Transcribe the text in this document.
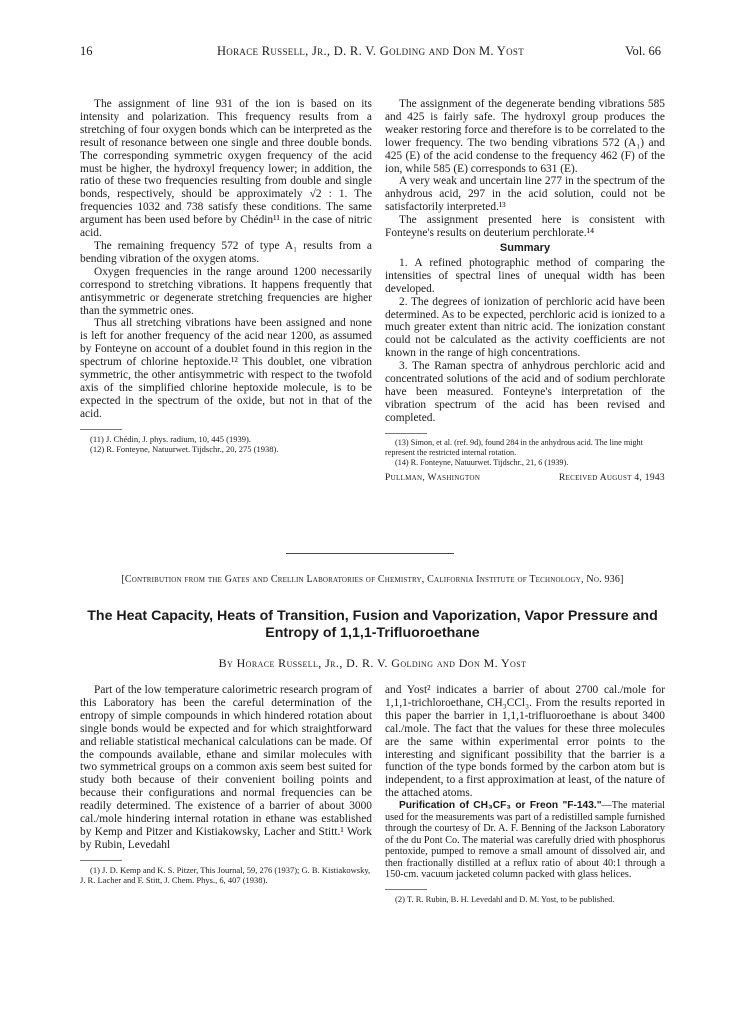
16	Horace Russell, Jr., D. R. V. Golding and Don M. Yost	Vol. 66

The assignment of line 931 of the ion is based on its intensity and polarization. This frequency results from a stretching of four oxygen bonds which can be interpreted as the result of resonance between one single and three double bonds. The corresponding symmetric oxygen frequency of the acid must be higher, the hydroxyl frequency lower; in addition, the ratio of these two frequencies resulting from double and single bonds, respectively, should be approximately √2 : 1. The frequencies 1032 and 738 satisfy these conditions. The same argument has been used before by Chédin¹¹ in the case of nitric acid.

The remaining frequency 572 of type A₁ results from a bending vibration of the oxygen atoms.

Oxygen frequencies in the range around 1200 necessarily correspond to stretching vibrations. It happens frequently that antisymmetric or degenerate stretching frequencies are higher than the symmetric ones.

Thus all stretching vibrations have been assigned and none is left for another frequency of the acid near 1200, as assumed by Fonteyne on account of a doublet found in this region in the spectrum of chlorine heptoxide.¹² This doublet, one vibration symmetric, the other antisymmetric with respect to the twofold axis of the simplified chlorine heptoxide molecule, is to be expected in the spectrum of the oxide, but not in that of the acid.

(11) J. Chédin, J. phys. radium, 10, 445 (1939).

(12) R. Fonteyne, Natuurwet. Tijdschr., 20, 275 (1938).

The assignment of the degenerate bending vibrations 585 and 425 is fairly safe. The hydroxyl group produces the weaker restoring force and therefore is to be correlated to the lower frequency. The two bending vibrations 572 (A₁) and 425 (E) of the acid condense to the frequency 462 (F) of the ion, while 585 (E) corresponds to 631 (E).

A very weak and uncertain line 277 in the spectrum of the anhydrous acid, 297 in the acid solution, could not be satisfactorily interpreted.¹³

The assignment presented here is consistent with Fonteyne's results on deuterium perchlorate.¹⁴

Summary

1. A refined photographic method of comparing the intensities of spectral lines of unequal width has been developed.

2. The degrees of ionization of perchloric acid have been determined. As to be expected, perchloric acid is ionized to a much greater extent than nitric acid. The ionization constant could not be calculated as the activity coefficients are not known in the range of high concentrations.

3. The Raman spectra of anhydrous perchloric acid and concentrated solutions of the acid and of sodium perchlorate have been measured. Fonteyne's interpretation of the vibration spectrum of the acid has been revised and completed.

(13) Simon, et al. (ref. 9d), found 284 in the anhydrous acid. The line might represent the restricted internal rotation.

(14) R. Fonteyne, Natuurwet. Tijdschr., 21, 6 (1939).

Pullman, Washington	Received August 4, 1943
[Contribution from the Gates and Crellin Laboratories of Chemistry, California Institute of Technology, No. 936]
The Heat Capacity, Heats of Transition, Fusion and Vaporization, Vapor Pressure and Entropy of 1,1,1-Trifluoroethane
By Horace Russell, Jr., D. R. V. Golding and Don M. Yost

Part of the low temperature calorimetric research program of this Laboratory has been the careful determination of the entropy of simple compounds in which hindered rotation about single bonds would be expected and for which straightforward and reliable statistical mechanical calculations can be made. Of the compounds available, ethane and similar molecules with two symmetrical groups on a common axis seem best suited for study both because of their convenient boiling points and because their configurations and normal frequencies can be readily determined. The existence of a barrier of about 3000 cal./mole hindering internal rotation in ethane was established by Kemp and Pitzer and Kistiakowsky, Lacher and Stitt.¹ Work by Rubin, Levedahl

(1) J. D. Kemp and K. S. Pitzer, This Journal, 59, 276 (1937); G. B. Kistiakowsky, J. R. Lacher and F. Stitt, J. Chem. Phys., 6, 407 (1938).

and Yost² indicates a barrier of about 2700 cal./mole for 1,1,1-trichloroethane, CH₃CCl₃. From the results reported in this paper the barrier in 1,1,1-trifluoroethane is about 3400 cal./mole. The fact that the values for these three molecules are the same within experimental error points to the interesting and significant possibility that the barrier is a function of the type bonds formed by the carbon atom but is independent, to a first approximation at least, of the nature of the attached atoms.

Purification of CH₃CF₃ or Freon "F-143."—The material used for the measurements was part of a redistilled sample furnished through the courtesy of Dr. A. F. Benning of the Jackson Laboratory of the du Pont Co. The material was carefully dried with phosphorus pentoxide, pumped to remove a small amount of dissolved air, and then fractionally distilled at a reflux ratio of about 40:1 through a 150-cm. vacuum jacketed column packed with glass helices.

(2) T. R. Rubin, B. H. Levedahl and D. M. Yost, to be published.
